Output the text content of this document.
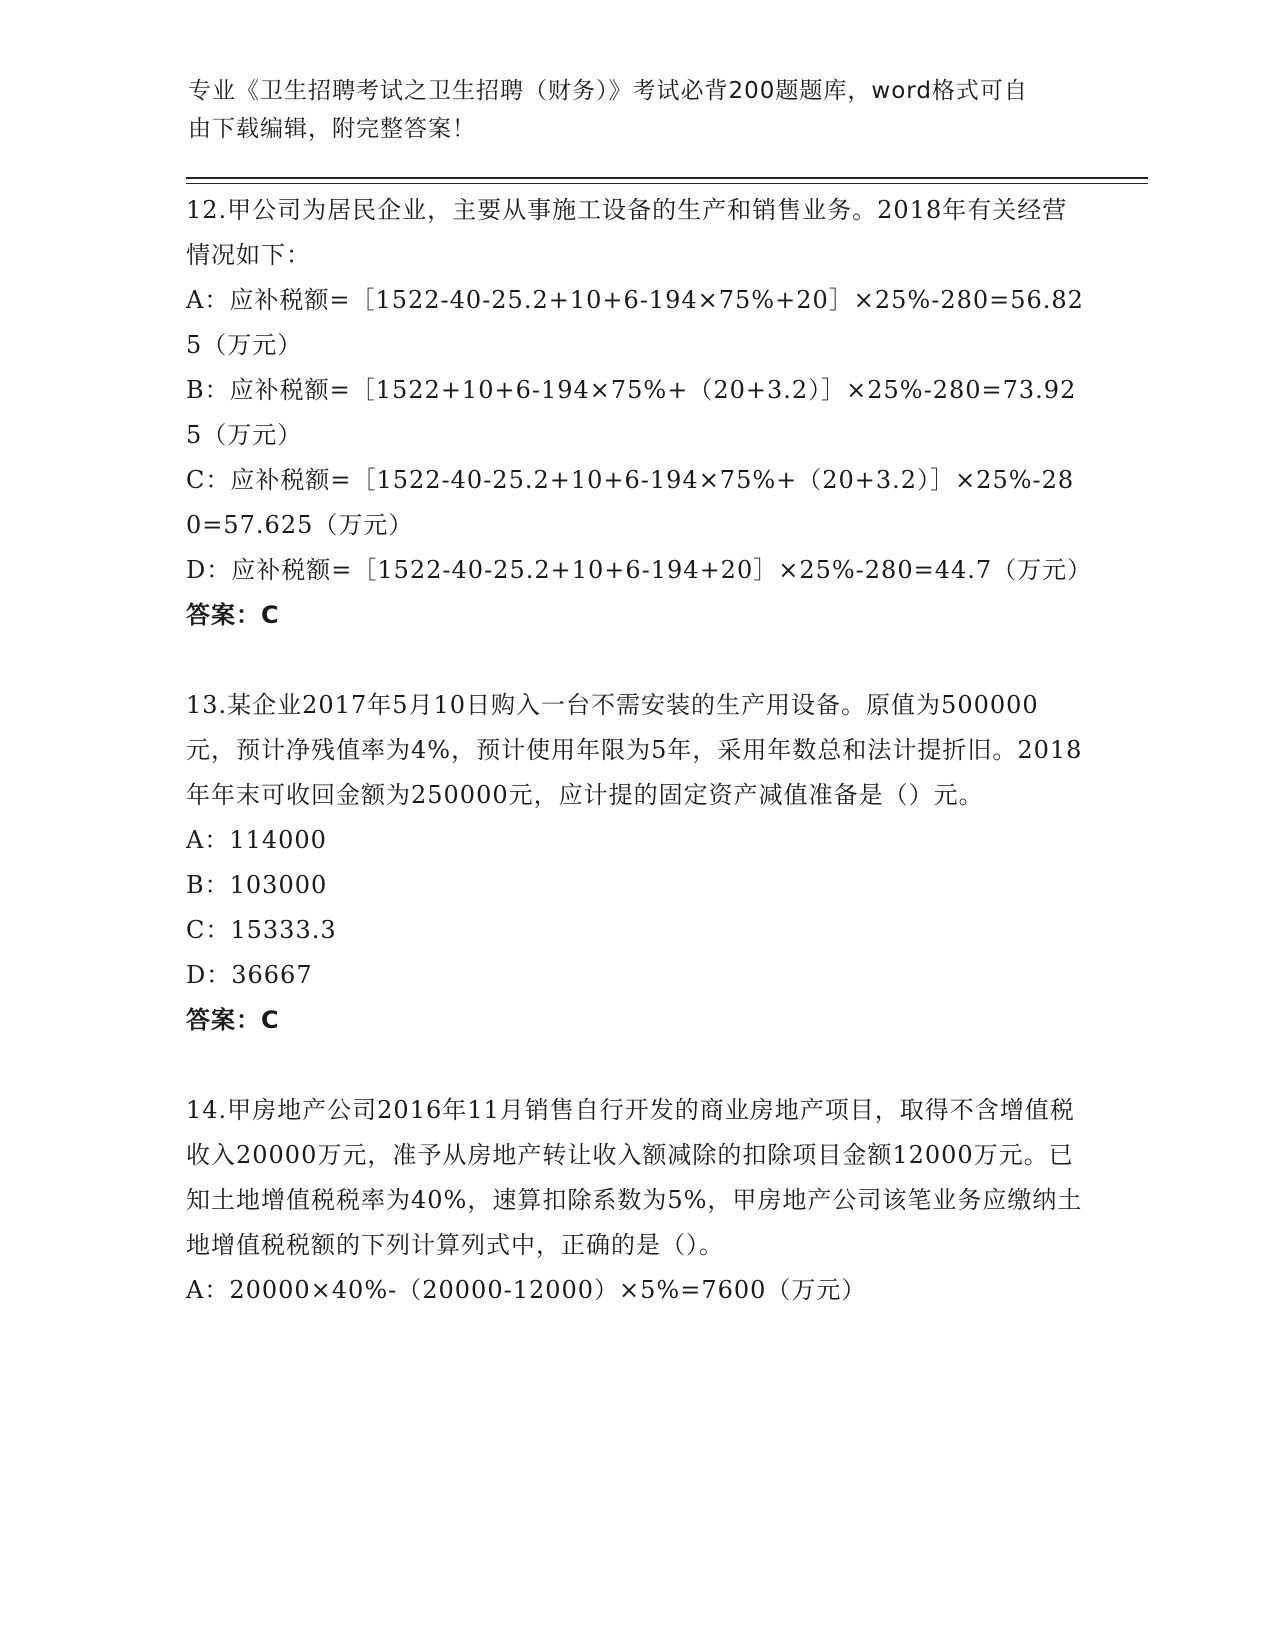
专业《卫生招聘考试之卫生招聘（财务）》考试必背200题题库，word格式可自
由下载编辑，附完整答案！

12.甲公司为居民企业，主要从事施工设备的生产和销售业务。2018年有关经营情况如下：

A：应补税额=［1522-40-25.2+10+6-194×75%+20］×25%-280=56.825（万元）

B：应补税额=［1522+10+6-194×75%+（20+3.2）］×25%-280=73.925（万元）

C：应补税额=［1522-40-25.2+10+6-194×75%+（20+3.2）］×25%-280=57.625（万元）

D：应补税额=［1522-40-25.2+10+6-194+20］×25%-280=44.7（万元）

答案：C

13.某企业2017年5月10日购入一台不需安装的生产用设备。原值为500000元，预计净残值率为4%，预计使用年限为5年，采用年数总和法计提折旧。2018年年末可收回金额为250000元，应计提的固定资产减值准备是（）元。

A：114000

B：103000

C：15333.3

D：36667

答案：C

14.甲房地产公司2016年11月销售自行开发的商业房地产项目，取得不含增值税收入20000万元，准予从房地产转让收入额减除的扣除项目金额12000万元。已知土地增值税税率为40%，速算扣除系数为5%，甲房地产公司该笔业务应缴纳土地增值税税额的下列计算列式中，正确的是（）。

A：20000×40%-（20000-12000）×5%=7600（万元）
